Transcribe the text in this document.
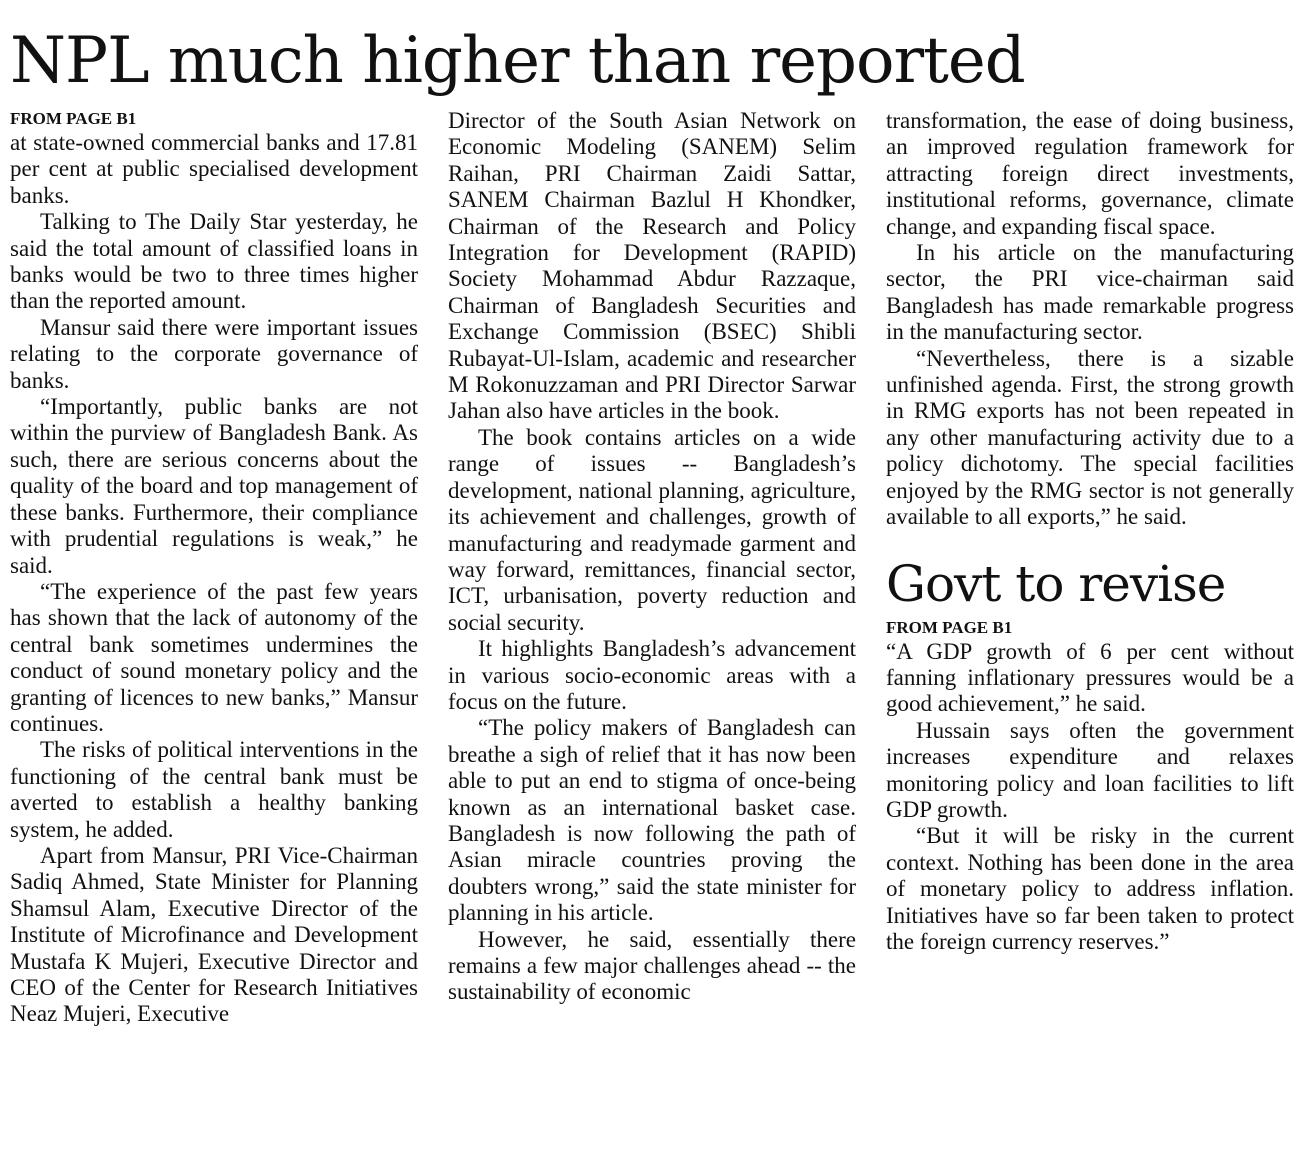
NPL much higher than reported
FROM PAGE B1

at state-owned commercial banks and 17.81 per cent at public specialised development banks.

Talking to The Daily Star yesterday, he said the total amount of classified loans in banks would be two to three times higher than the reported amount.

Mansur said there were important issues relating to the corporate governance of banks.

“Importantly, public banks are not within the purview of Bangladesh Bank. As such, there are serious concerns about the quality of the board and top management of these banks. Furthermore, their compliance with prudential regulations is weak,” he said.

“The experience of the past few years has shown that the lack of autonomy of the central bank sometimes undermines the conduct of sound monetary policy and the granting of licences to new banks,” Mansur continues.

The risks of political interventions in the functioning of the central bank must be averted to establish a healthy banking system, he added.

Apart from Mansur, PRI Vice-Chairman Sadiq Ahmed, State Minister for Planning Shamsul Alam, Executive Director of the Institute of Microfinance and Development Mustafa K Mujeri, Executive Director and CEO of the Center for Research Initiatives Neaz Mujeri, Executive

Director of the South Asian Network on Economic Modeling (SANEM) Selim Raihan, PRI Chairman Zaidi Sattar, SANEM Chairman Bazlul H Khondker, Chairman of the Research and Policy Integration for Development (RAPID) Society Mohammad Abdur Razzaque, Chairman of Bangladesh Securities and Exchange Commission (BSEC) Shibli Rubayat-Ul-Islam, academic and researcher M Rokonuzzaman and PRI Director Sarwar Jahan also have articles in the book.

The book contains articles on a wide range of issues -- Bangladesh’s development, national planning, agriculture, its achievement and challenges, growth of manufacturing and readymade garment and way forward, remittances, financial sector, ICT, urbanisation, poverty reduction and social security.

It highlights Bangladesh’s advancement in various socio-economic areas with a focus on the future.

“The policy makers of Bangladesh can breathe a sigh of relief that it has now been able to put an end to stigma of once-being known as an international basket case. Bangladesh is now following the path of Asian miracle countries proving the doubters wrong,” said the state minister for planning in his article.

However, he said, essentially there remains a few major challenges ahead -- the sustainability of economic

transformation, the ease of doing business, an improved regulation framework for attracting foreign direct investments, institutional reforms, governance, climate change, and expanding fiscal space.

In his article on the manufacturing sector, the PRI vice-chairman said Bangladesh has made remarkable progress in the manufacturing sector.

“Nevertheless, there is a sizable unfinished agenda. First, the strong growth in RMG exports has not been repeated in any other manufacturing activity due to a policy dichotomy. The special facilities enjoyed by the RMG sector is not generally available to all exports,” he said.

Govt to revise
FROM PAGE B1

“A GDP growth of 6 per cent without fanning inflationary pressures would be a good achievement,” he said.

Hussain says often the government increases expenditure and relaxes monitoring policy and loan facilities to lift GDP growth.

“But it will be risky in the current context. Nothing has been done in the area of monetary policy to address inflation. Initiatives have so far been taken to protect the foreign currency reserves.”
